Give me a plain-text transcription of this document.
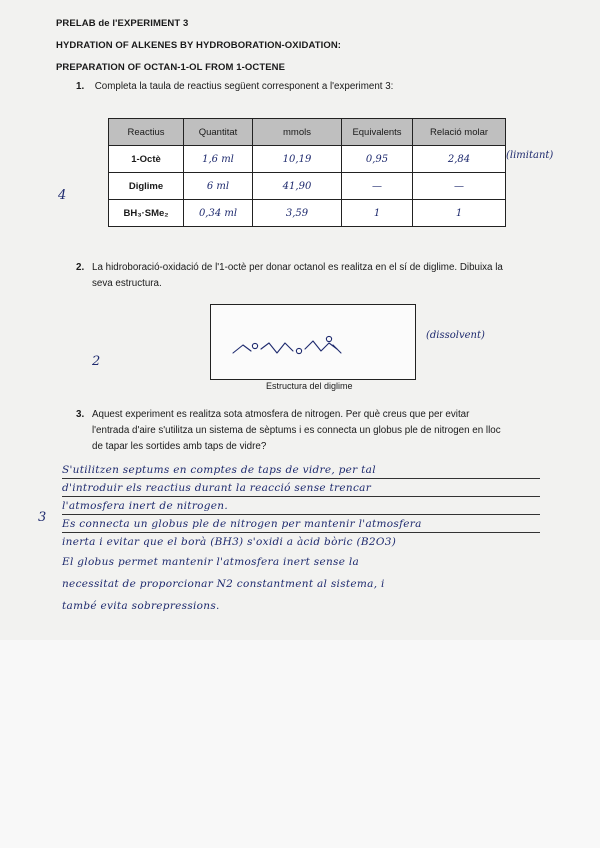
PRELAB de l'EXPERIMENT 3
HYDRATION OF ALKENES BY HYDROBORATION-OXIDATION:
PREPARATION OF OCTAN-1-OL FROM 1-OCTENE
1. Completa la taula de reactius següent corresponent a l'experiment 3:
Reactius	Quantitat	mmols	Equivalents	Relació molar
1-Octè	1,6 ml	10,19	0,95	2,84
Diglime	6 ml	41,90	—	—
BH₃·SMe₂	0,34 ml	3,59	1	1
(limitant)
4
2. La hidroboració-oxidació de l'1-octè per donar octanol es realitza en el sí de diglime. Dibuixa la
seva estructura.
(dissolvent)
2
Estructura del diglime
3. Aquest experiment es realitza sota atmosfera de nitrogen. Per què creus que per evitar
l'entrada d'aire s'utilitza un sistema de sèptums i es connecta un globus ple de nitrogen en lloc
de tapar les sortides amb taps de vidre?
3
S'utilitzen septums en comptes de taps de vidre, per tal
d'introduir els reactius durant la reacció sense trencar
l'atmosfera inert de nitrogen.
Es connecta un globus ple de nitrogen per mantenir l'atmosfera
inerta i evitar que el borà (BH3) s'oxidi a àcid bòric (B2O3)
El globus permet mantenir l'atmosfera inert sense la
necessitat de proporcionar N2 constantment al sistema, i
també evita sobrepressions.
